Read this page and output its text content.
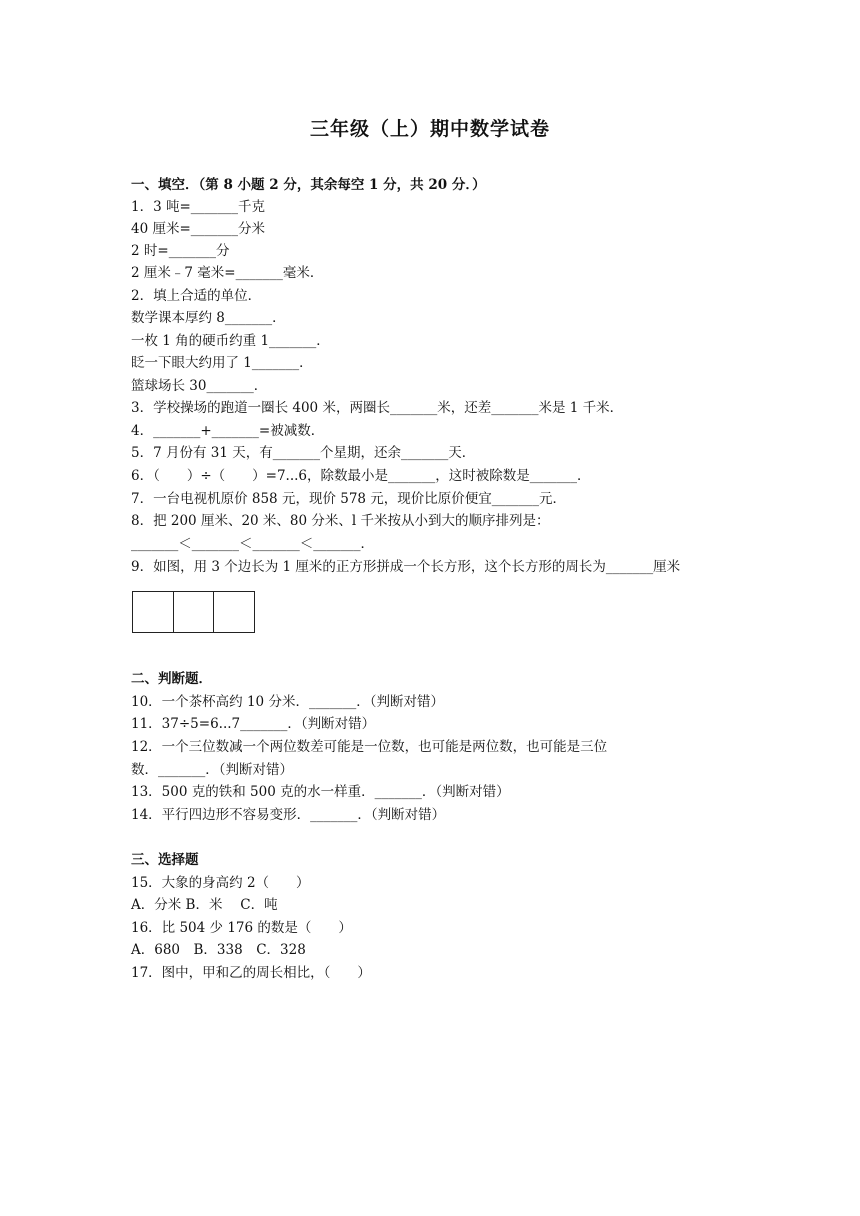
三年级（上）期中数学试卷
一、填空．（第 8 小题 2 分，其余每空 1 分，共 20 分．）
1．3 吨=_______千克
40 厘米=_______分米
2 时=_______分
2 厘米﹣7 毫米=_______毫米．
2．填上合适的单位．
数学课本厚约 8_______．
一枚 1 角的硬币约重 1_______．
眨一下眼大约用了 1_______．
篮球场长 30_______．
3．学校操场的跑道一圈长 400 米，两圈长_______米，还差_______米是 1 千米．
4．_______+_______=被减数．
5．7 月份有 31 天，有_______个星期，还余_______天．
6．（　　）÷（　　）=7...6，除数最小是_______，这时被除数是_______．
7．一台电视机原价 858 元，现价 578 元，现价比原价便宜_______元．
8．把 200 厘米、20 米、80 分米、l 千米按从小到大的顺序排列是：
_______＜_______＜_______＜_______．
9．如图，用 3 个边长为 1 厘米的正方形拼成一个长方形，这个长方形的周长为_______厘米
二、判断题．
10．一个茶杯高约 10 分米．_______．（判断对错）
11．37÷5=6...7_______．（判断对错）
12．一个三位数减一个两位数差可能是一位数，也可能是两位数，也可能是三位
数．_______．（判断对错）
13．500 克的铁和 500 克的水一样重．_______．（判断对错）
14．平行四边形不容易变形．_______．（判断对错）
三、选择题
15．大象的身高约 2（　　）
A．分米 B．米　 C．吨
16．比 504 少 176 的数是（　　）
A．680　B．338　C．328
17．图中，甲和乙的周长相比，（　　）
